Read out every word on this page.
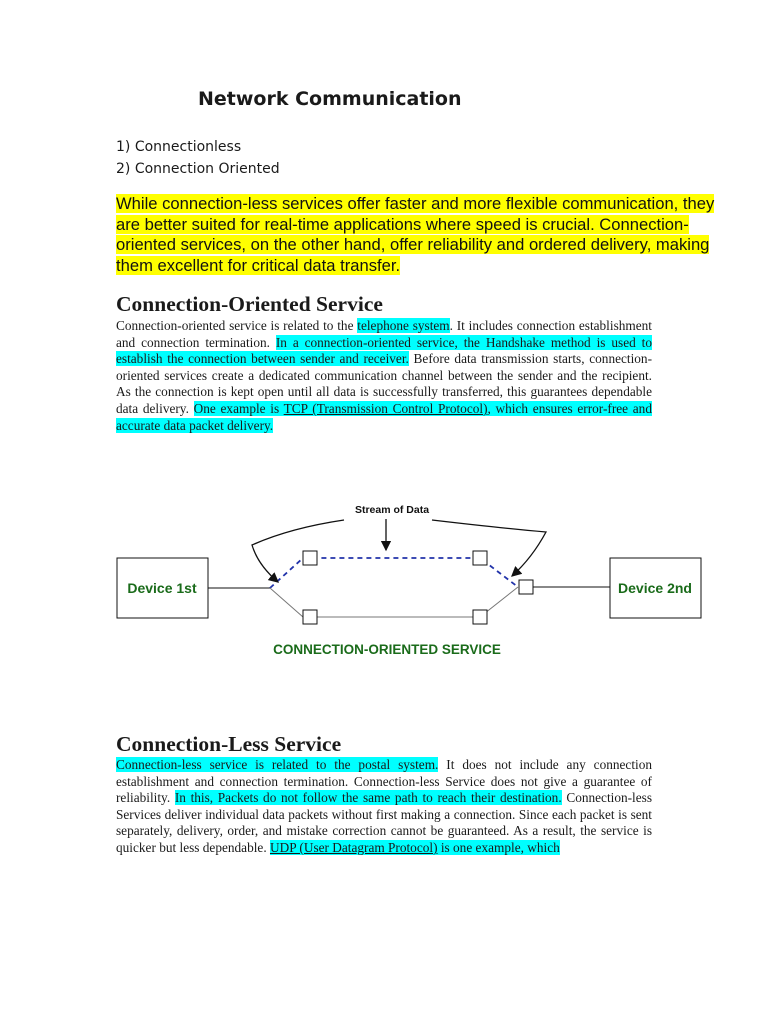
Network Communication
1) Connectionless
2) Connection Oriented

While connection-less services offer faster and more flexible communication, they are better suited for real-time applications where speed is crucial. Connection-oriented services, on the other hand, offer reliability and ordered delivery, making them excellent for critical data transfer.

Connection-Oriented Service

Connection-oriented service is related to the telephone system. It includes connection establishment and connection termination. In a connection-oriented service, the Handshake method is used to establish the connection between sender and receiver. Before data transmission starts, connection-oriented services create a dedicated communication channel between the sender and the recipient. As the connection is kept open until all data is successfully transferred, this guarantees dependable data delivery. One example is TCP (Transmission Control Protocol), which ensures error-free and accurate data packet delivery.

Device 1st	Device 2nd
Stream of Data
CONNECTION-ORIENTED SERVICE
Connection-Less Service

Connection-less service is related to the postal system. It does not include any connection establishment and connection termination. Connection-less Service does not give a guarantee of reliability. In this, Packets do not follow the same path to reach their destination. Connection-less Services deliver individual data packets without first making a connection. Since each packet is sent separately, delivery, order, and mistake correction cannot be guaranteed. As a result, the service is quicker but less dependable. UDP (User Datagram Protocol) is one example, which
